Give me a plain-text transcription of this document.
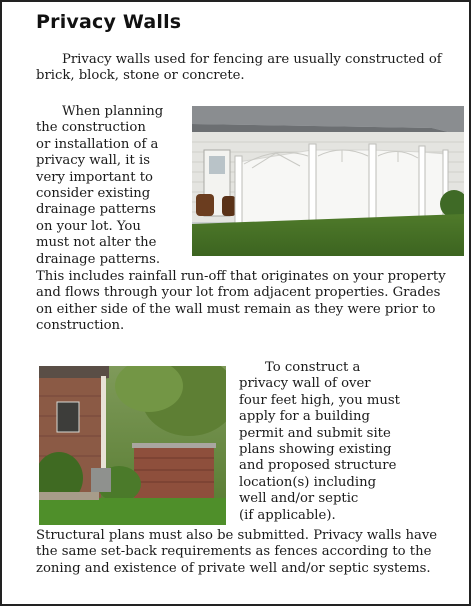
Privacy Walls

Privacy walls used for fencing are usually constructed of brick, block, stone or concrete.

When planning
the construction
or installation of a
privacy wall, it is
very important to
consider existing
drainage patterns
on your lot. You
must not alter the
drainage patterns.

This includes rainfall run-off that originates on your property and flows through your lot from adjacent properties. Grades on either side of the wall must remain as they were prior to construction.

To construct a
privacy wall of over
four feet high, you must
apply for a building
permit and submit site
plans showing existing
and proposed structure
location(s) including
well and/or septic
(if applicable).

Structural plans must also be submitted. Privacy walls have the same set-back requirements as fences according to the zoning and existence of private well and/or septic systems.
